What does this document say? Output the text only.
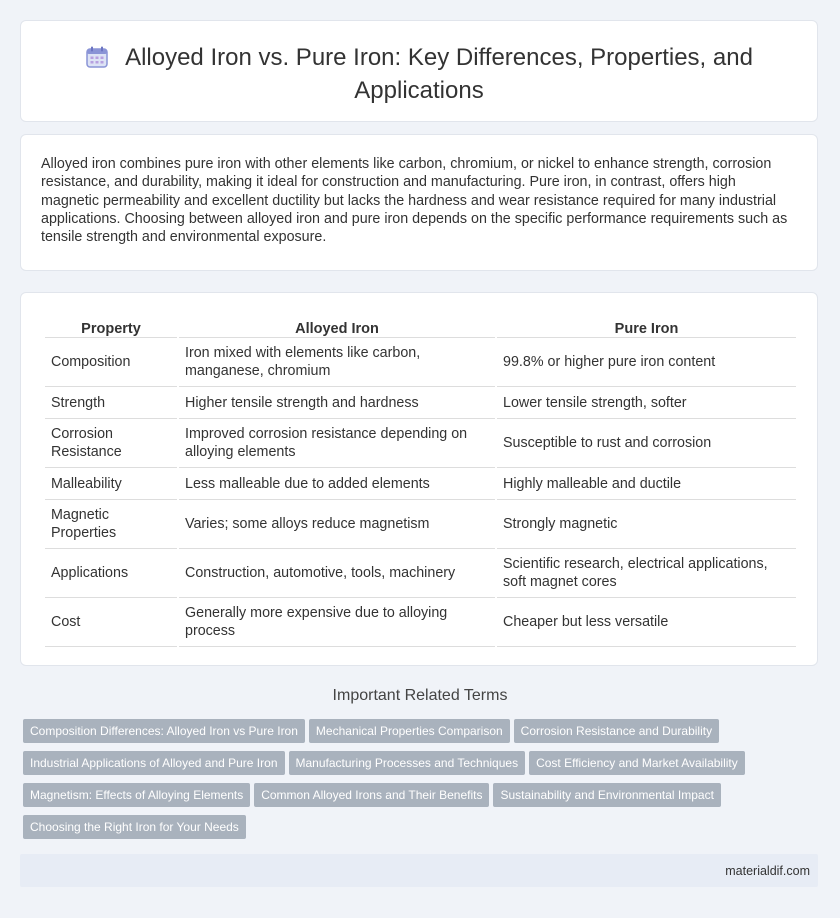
Alloyed Iron vs. Pure Iron: Key Differences, Properties, and Applications

Alloyed iron combines pure iron with other elements like carbon, chromium, or nickel to enhance strength, corrosion resistance, and durability, making it ideal for construction and manufacturing. Pure iron, in contrast, offers high magnetic permeability and excellent ductility but lacks the hardness and wear resistance required for many industrial applications. Choosing between alloyed iron and pure iron depends on the specific performance requirements such as tensile strength and environmental exposure.

Property	Alloyed Iron	Pure Iron
Composition	Iron mixed with elements like carbon, manganese, chromium	99.8% or higher pure iron content
Strength	Higher tensile strength and hardness	Lower tensile strength, softer
Corrosion Resistance	Improved corrosion resistance depending on alloying elements	Susceptible to rust and corrosion
Malleability	Less malleable due to added elements	Highly malleable and ductile
Magnetic Properties	Varies; some alloys reduce magnetism	Strongly magnetic
Applications	Construction, automotive, tools, machinery	Scientific research, electrical applications, soft magnet cores
Cost	Generally more expensive due to alloying process	Cheaper but less versatile
Important Related Terms
Composition Differences: Alloyed Iron vs Pure Iron Mechanical Properties Comparison Corrosion Resistance and Durability
Industrial Applications of Alloyed and Pure Iron Manufacturing Processes and Techniques Cost Efficiency and Market Availability
Magnetism: Effects of Alloying Elements Common Alloyed Irons and Their Benefits Sustainability and Environmental Impact
Choosing the Right Iron for Your Needs
materialdif.com
